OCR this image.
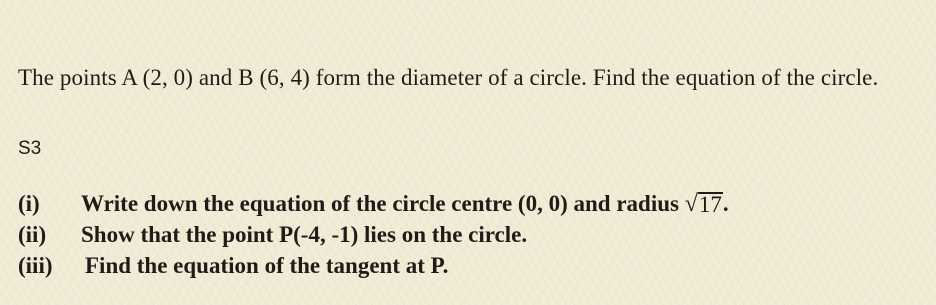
The points A (2, 0) and B (6, 4) form the diameter of a circle. Find the equation of the circle.

S3
(i)	Write down the equation of the circle centre (0, 0) and radius √ 17 .
(ii)	Show that the point P(-4, -1) lies on the circle.
(iii)	Find the equation of the tangent at P.
